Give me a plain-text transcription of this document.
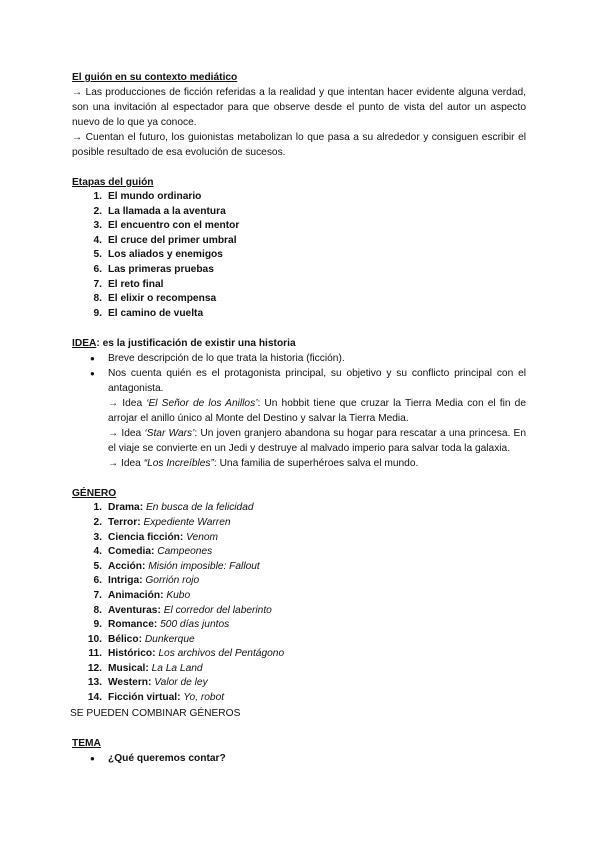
El guión en su contexto mediático

→ Las producciones de ficción referidas a la realidad y que intentan hacer evidente alguna verdad, son una invitación al espectador para que observe desde el punto de vista del autor un aspecto nuevo de lo que ya conoce.

→ Cuentan el futuro, los guionistas metabolizan lo que pasa a su alrededor y consiguen escribir el posible resultado de esa evolución de sucesos.

Etapas del guión
1. El mundo ordinario
2. La llamada a la aventura
3. El encuentro con el mentor
4. El cruce del primer umbral
5. Los aliados y enemigos
6. Las primeras pruebas
7. El reto final
8. El elixir o recompensa
9. El camino de vuelta
IDEA: es la justificación de existir una historia
● Breve descripción de lo que trata la historia (ficción).
● Nos cuenta quién es el protagonista principal, su objetivo y su conflicto principal con el antagonista.
→ Idea ‘El Señor de los Anillos’: Un hobbit tiene que cruzar la Tierra Media con el fin de arrojar el anillo único al Monte del Destino y salvar la Tierra Media.
→ Idea ‘Star Wars’: Un joven granjero abandona su hogar para rescatar a una princesa. En el viaje se convierte en un Jedi y destruye al malvado imperio para salvar toda la galaxia.
→ Idea “Los Increíbles”: Una familia de superhéroes salva el mundo.
GÉNERO
1. Drama: En busca de la felicidad
2. Terror: Expediente Warren
3. Ciencia ficción: Venom
4. Comedia: Campeones
5. Acción: Misión imposible: Fallout
6. Intriga: Gorrión rojo
7. Animación: Kubo
8. Aventuras: El corredor del laberinto
9. Romance: 500 días juntos
10. Bélico: Dunkerque
11. Histórico: Los archivos del Pentágono
12. Musical: La La Land
13. Western: Valor de ley
14. Ficción virtual: Yo, robot
SE PUEDEN COMBINAR GÉNEROS
TEMA
● ¿Qué queremos contar?
